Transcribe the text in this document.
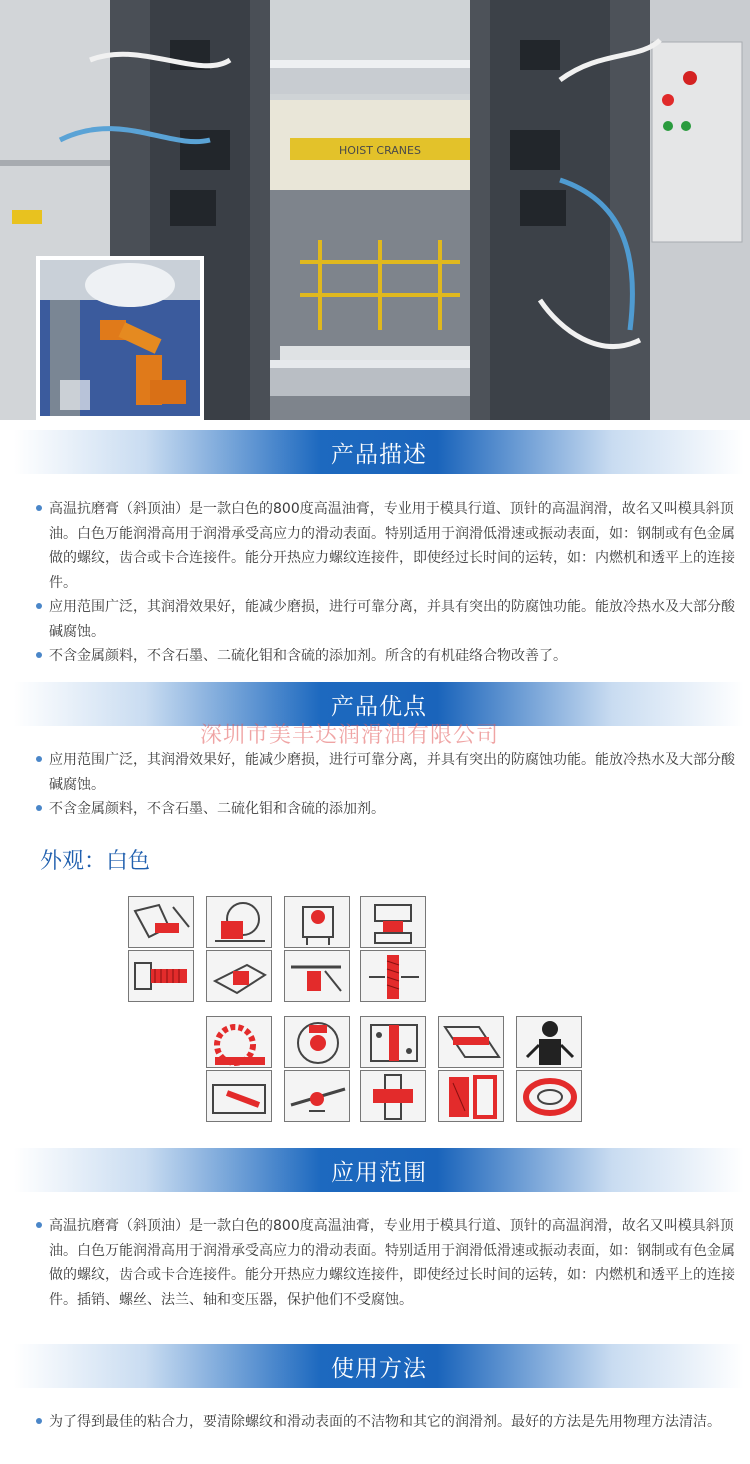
HOIST CRANES
产品描述
高温抗磨膏（斜顶油）是一款白色的800度高温油膏，专业用于模具行道、顶针的高温润滑，故名又叫模具斜顶油。白色万能润滑高用于润滑承受高应力的滑动表面。特别适用于润滑低滑速或振动表面，如：钢制或有色金属做的螺纹，齿合或卡合连接件。能分开热应力螺纹连接件，即使经过长时间的运转，如：内燃机和透平上的连接件。
应用范围广泛，其润滑效果好，能减少磨损，进行可靠分离，并具有突出的防腐蚀功能。能放冷热水及大部分酸碱腐蚀。
不含金属颜料，不含石墨、二硫化钼和含硫的添加剂。所含的有机硅络合物改善了。
产品优点
深圳市美丰达润滑油有限公司
应用范围广泛，其润滑效果好，能减少磨损，进行可靠分离，并具有突出的防腐蚀功能。能放冷热水及大部分酸碱腐蚀。
不含金属颜料，不含石墨、二硫化钼和含硫的添加剂。
外观：白色
应用范围
高温抗磨膏（斜顶油）是一款白色的800度高温油膏，专业用于模具行道、顶针的高温润滑，故名又叫模具斜顶油。白色万能润滑高用于润滑承受高应力的滑动表面。特别适用于润滑低滑速或振动表面，如：钢制或有色金属做的螺纹，齿合或卡合连接件。能分开热应力螺纹连接件，即使经过长时间的运转，如：内燃机和透平上的连接件。插销、螺丝、法兰、轴和变压器，保护他们不受腐蚀。
使用方法
为了得到最佳的粘合力，要清除螺纹和滑动表面的不洁物和其它的润滑剂。最好的方法是先用物理方法清洁。
